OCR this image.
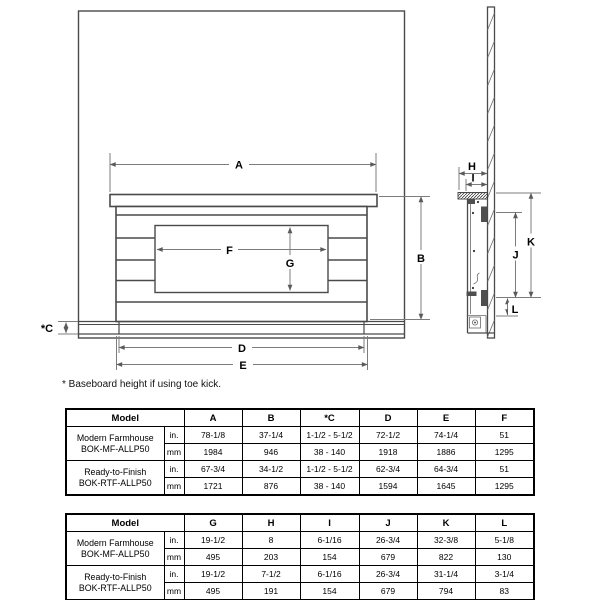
A
B
*C
D
E
F
G
H
I
K
J
L
* Baseboard height if using toe kick.
Model		A	B	*C	D	E	F

Modern Farmhouse
BOK-MF-ALLP50	in.	78-1/8	37-1/4	1-1/2 - 5-1/2	72-1/2	74-1/4	51
	mm	1984	946	38 - 140	1918	1886	1295

Ready-to-Finish
BOK-RTF-ALLP50	in.	67-3/4	34-1/2	1-1/2 - 5-1/2	62-3/4	64-3/4	51
	mm	1721	876	38 - 140	1594	1645	1295
Model		G	H	I	J	K	L

Modern Farmhouse
BOK-MF-ALLP50	in.	19-1/2	8	6-1/16	26-3/4	32-3/8	5-1/8
	mm	495	203	154	679	822	130

Ready-to-Finish
BOK-RTF-ALLP50	in.	19-1/2	7-1/2	6-1/16	26-3/4	31-1/4	3-1/4
	mm	495	191	154	679	794	83
